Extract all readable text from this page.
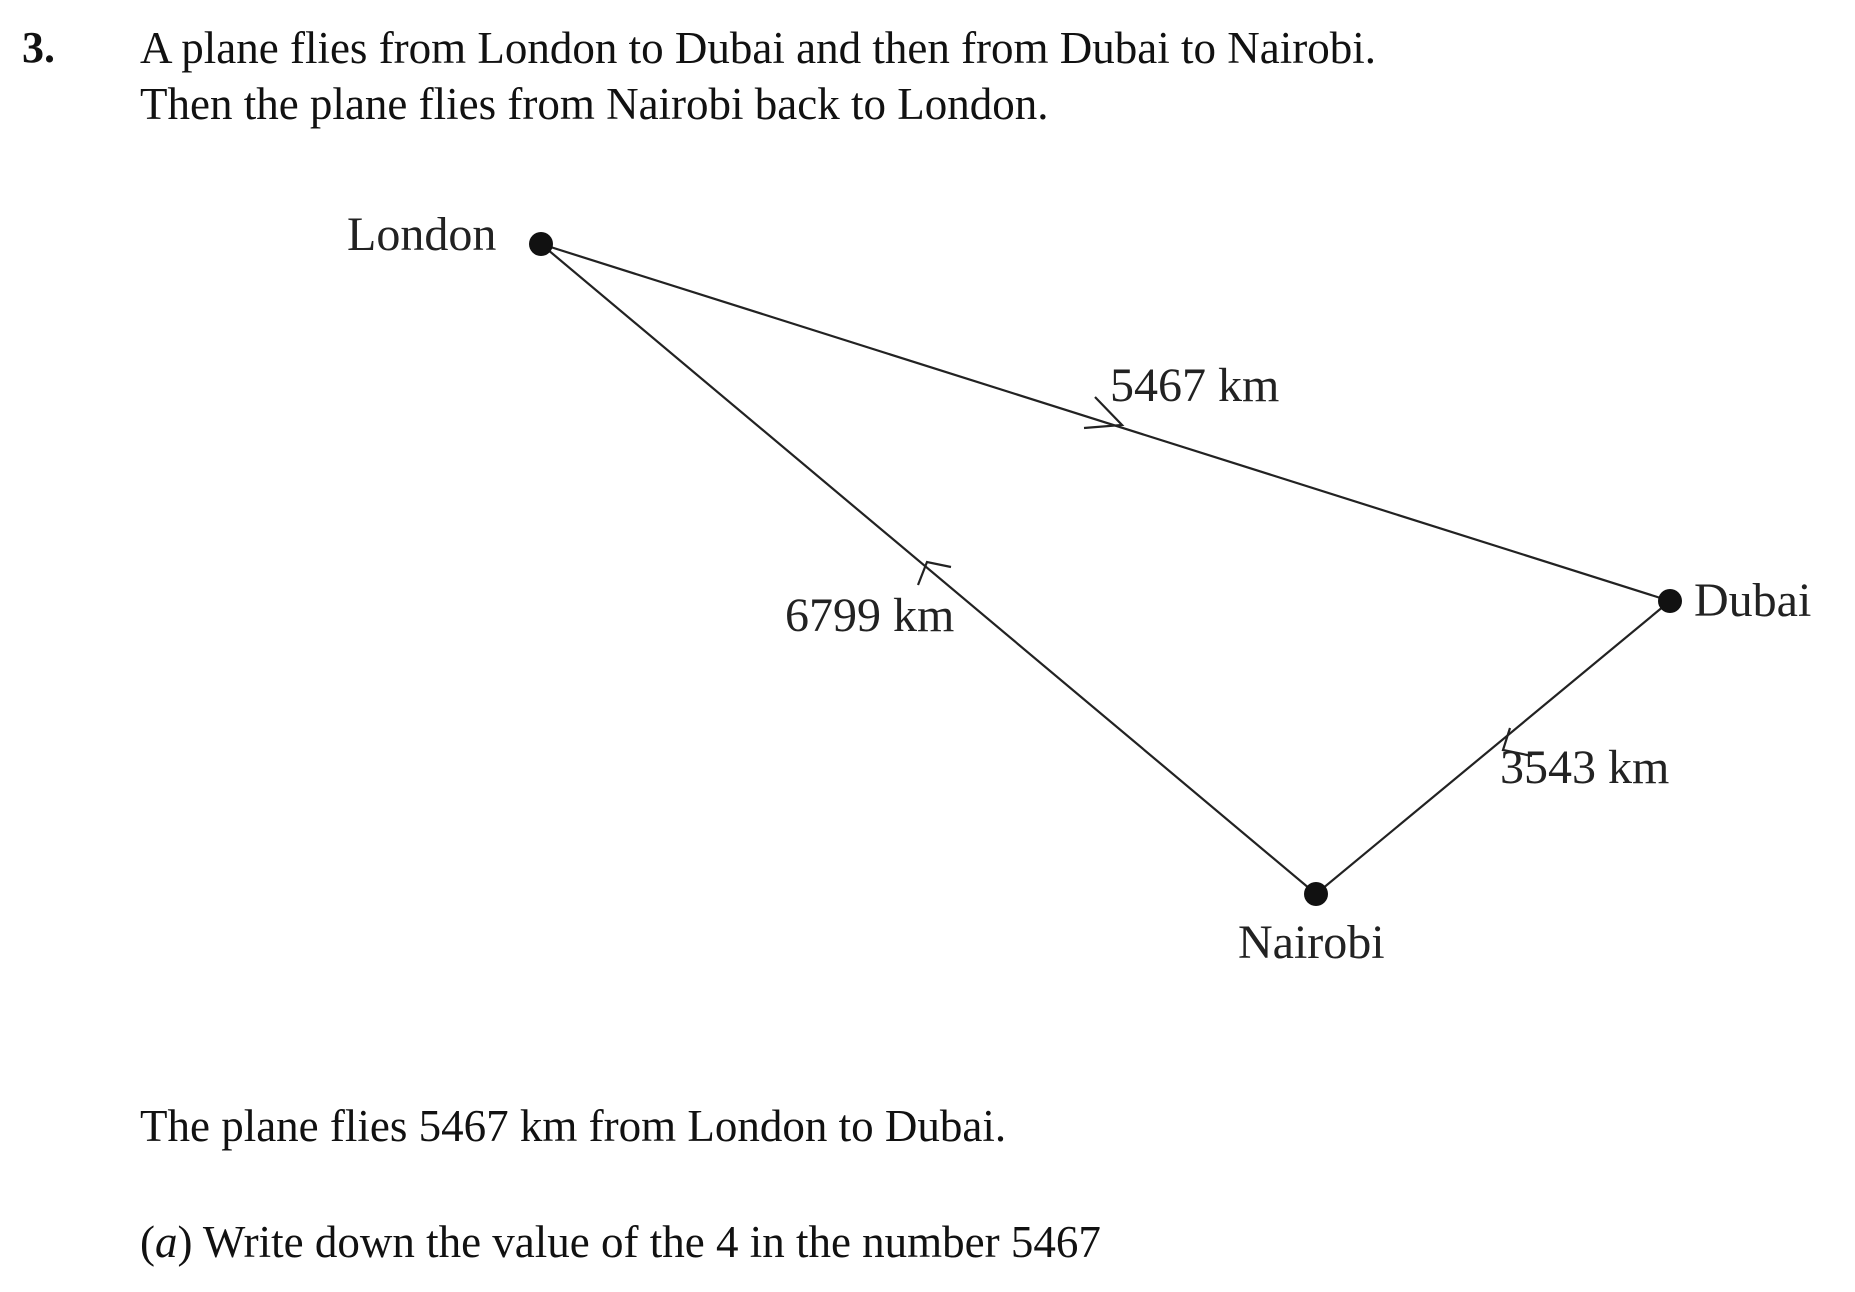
3. A plane flies from London to Dubai and then from Dubai to Nairobi.
Then the plane flies from Nairobi back to London.
London
Dubai
Nairobi
5467 km
6799 km
3543 km
The plane flies 5467 km from London to Dubai.
(a) Write down the value of the 4 in the number 5467
